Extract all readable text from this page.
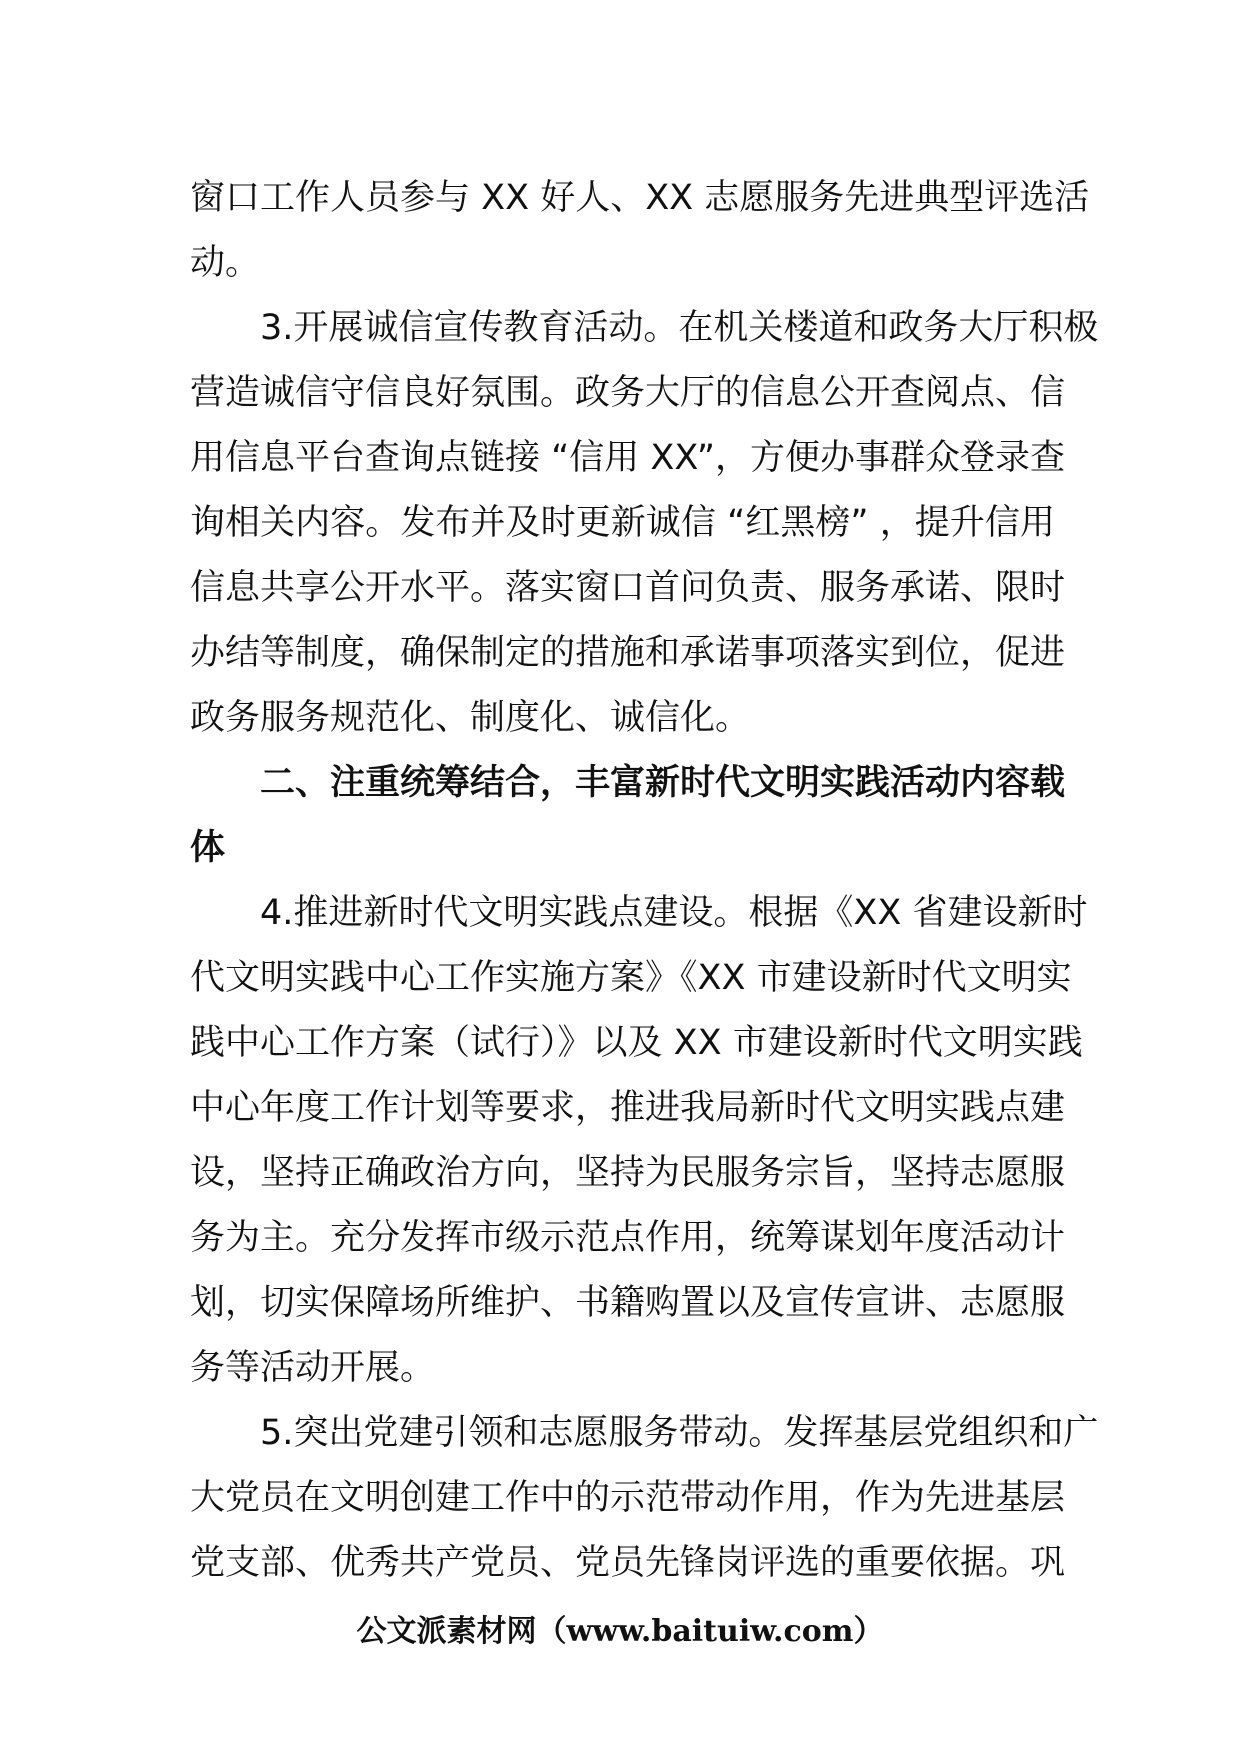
窗口工作人员参与 XX 好人、XX 志愿服务先进典型评选活
动。
3.开展诚信宣传教育活动。在机关楼道和政务大厅积极
营造诚信守信良好氛围。政务大厅的信息公开查阅点、信
用信息平台查询点链接 “信用 XX”，方便办事群众登录查
询相关内容。发布并及时更新诚信 “红黑榜” ，提升信用
信息共享公开水平。落实窗口首问负责、服务承诺、限时
办结等制度，确保制定的措施和承诺事项落实到位，促进
政务服务规范化、制度化、诚信化。
二、注重统筹结合，丰富新时代文明实践活动内容载
体
4.推进新时代文明实践点建设。根据《XX 省建设新时
代文明实践中心工作实施方案》《XX 市建设新时代文明实
践中心工作方案（试行）》以及 XX 市建设新时代文明实践
中心年度工作计划等要求，推进我局新时代文明实践点建
设，坚持正确政治方向，坚持为民服务宗旨，坚持志愿服
务为主。充分发挥市级示范点作用，统筹谋划年度活动计
划，切实保障场所维护、书籍购置以及宣传宣讲、志愿服
务等活动开展。
5.突出党建引领和志愿服务带动。发挥基层党组织和广
大党员在文明创建工作中的示范带动作用，作为先进基层
党支部、优秀共产党员、党员先锋岗评选的重要依据。巩
公文派素材网（www.baituiw.com）
